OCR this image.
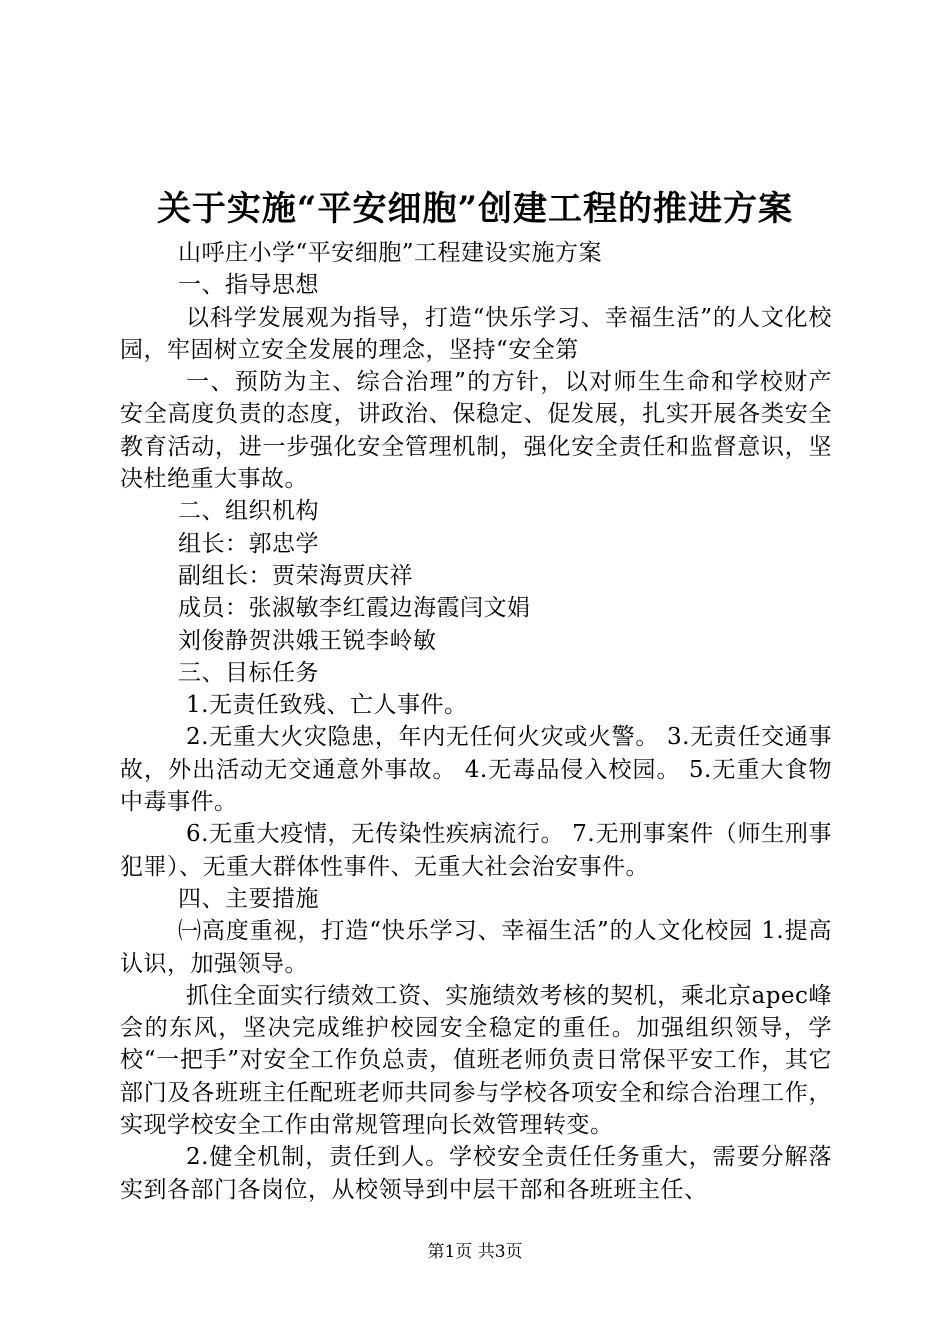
关于实施“平安细胞”创建工程的推进方案

山呼庄小学“平安细胞”工程建设实施方案

一、指导思想

以科学发展观为指导，打造“快乐学习、幸福生活”的人文化校园，牢固树立安全发展的理念，坚持“安全第

一、预防为主、综合治理”的方针，以对师生生命和学校财产安全高度负责的态度，讲政治、保稳定、促发展，扎实开展各类安全教育活动，进一步强化安全管理机制，强化安全责任和监督意识，坚决杜绝重大事故。

二、组织机构

组长：郭忠学

副组长：贾荣海贾庆祥

成员：张淑敏李红霞边海霞闫文娟

刘俊静贺洪娥王锐李岭敏

三、目标任务

1.无责任致残、亡人事件。

2.无重大火灾隐患，年内无任何火灾或火警。 3.无责任交通事故，外出活动无交通意外事故。 4.无毒品侵入校园。 5.无重大食物中毒事件。

6.无重大疫情，无传染性疾病流行。 7.无刑事案件（师生刑事犯罪）、无重大群体性事件、无重大社会治安事件。

四、主要措施

㈠高度重视，打造“快乐学习、幸福生活”的人文化校园 1.提高认识，加强领导。

抓住全面实行绩效工资、实施绩效考核的契机，乘北京apec峰会的东风，坚决完成维护校园安全稳定的重任。加强组织领导，学校“一把手”对安全工作负总责，值班老师负责日常保平安工作，其它部门及各班班主任配班老师共同参与学校各项安全和综合治理工作，实现学校安全工作由常规管理向长效管理转变。

2.健全机制，责任到人。学校安全责任任务重大，需要分解落实到各部门各岗位，从校领导到中层干部和各班班主任、

第1页 共3页
